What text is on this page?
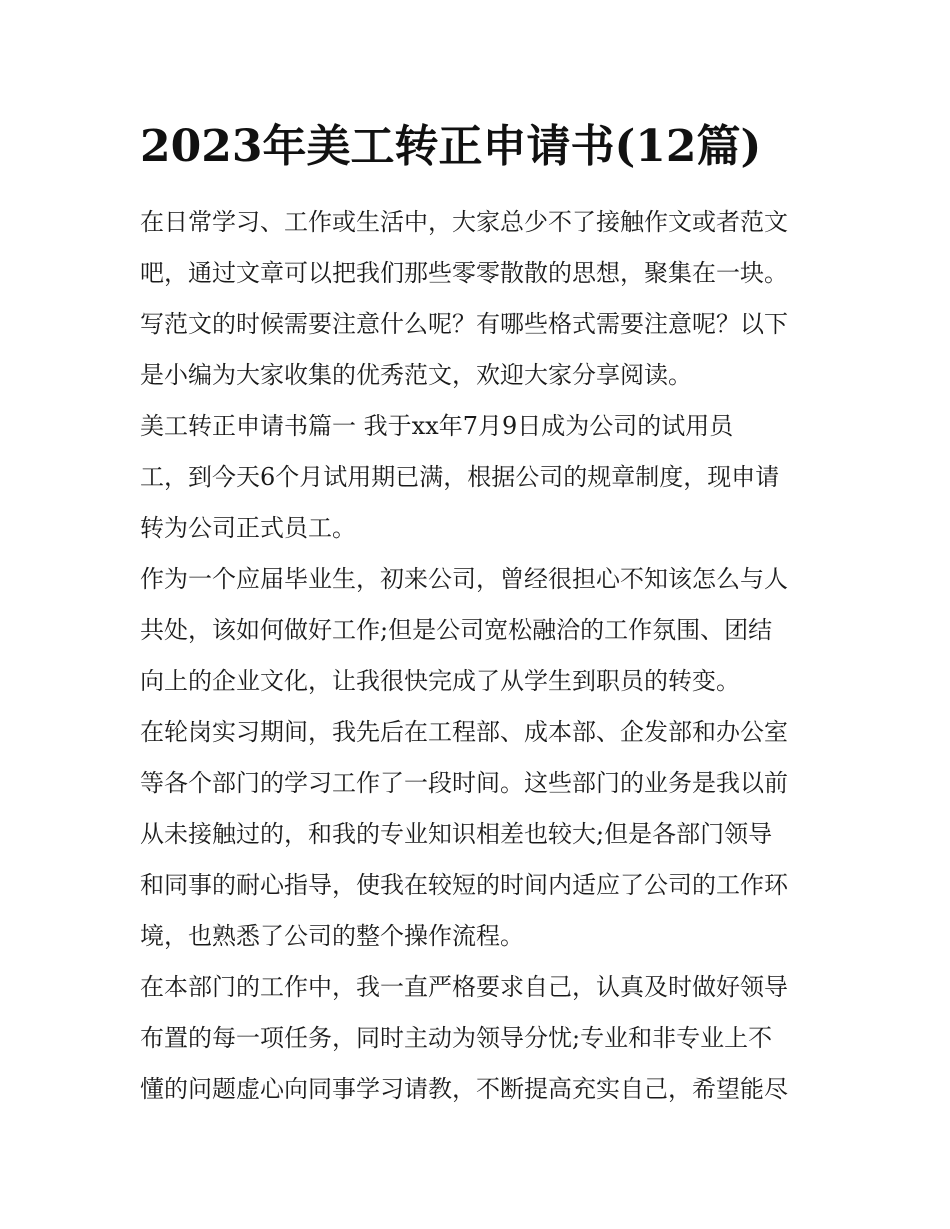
2023年美工转正申请书(12篇)
在日常学习、工作或生活中，大家总少不了接触作文或者范文
吧，通过文章可以把我们那些零零散散的思想，聚集在一块。
写范文的时候需要注意什么呢？有哪些格式需要注意呢？以下
是小编为大家收集的优秀范文，欢迎大家分享阅读。
美工转正申请书篇一 我于xx年7月9日成为公司的试用员
工，到今天6个月试用期已满，根据公司的规章制度，现申请
转为公司正式员工。
作为一个应届毕业生，初来公司，曾经很担心不知该怎么与人
共处，该如何做好工作;但是公司宽松融洽的工作氛围、团结
向上的企业文化，让我很快完成了从学生到职员的转变。
在轮岗实习期间，我先后在工程部、成本部、企发部和办公室
等各个部门的学习工作了一段时间。这些部门的业务是我以前
从未接触过的，和我的专业知识相差也较大;但是各部门领导
和同事的耐心指导，使我在较短的时间内适应了公司的工作环
境，也熟悉了公司的整个操作流程。
在本部门的工作中，我一直严格要求自己，认真及时做好领导
布置的每一项任务，同时主动为领导分忧;专业和非专业上不
懂的问题虚心向同事学习请教，不断提高充实自己，希望能尽
